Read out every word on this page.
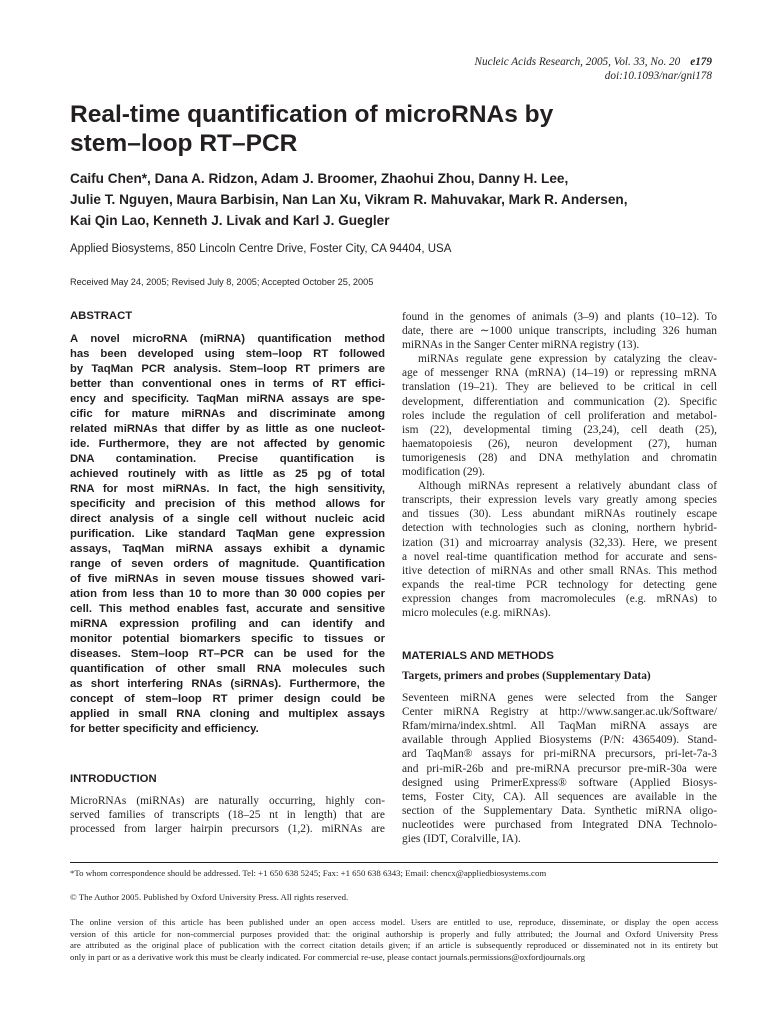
Nucleic Acids Research, 2005, Vol. 33, No. 20 e179
doi:10.1093/nar/gni178
Real-time quantification of microRNAs by
stem–loop RT–PCR
Caifu Chen*, Dana A. Ridzon, Adam J. Broomer, Zhaohui Zhou, Danny H. Lee,
Julie T. Nguyen, Maura Barbisin, Nan Lan Xu, Vikram R. Mahuvakar, Mark R. Andersen,
Kai Qin Lao, Kenneth J. Livak and Karl J. Guegler
Applied Biosystems, 850 Lincoln Centre Drive, Foster City, CA 94404, USA
Received May 24, 2005; Revised July 8, 2005; Accepted October 25, 2005
ABSTRACT
A novel microRNA (miRNA) quantification method
has been developed using stem–loop RT followed
by TaqMan PCR analysis. Stem–loop RT primers are
better than conventional ones in terms of RT effici-
ency and specificity. TaqMan miRNA assays are spe-
cific for mature miRNAs and discriminate among
related miRNAs that differ by as little as one nucleot-
ide. Furthermore, they are not affected by genomic
DNA contamination. Precise quantification is
achieved routinely with as little as 25 pg of total
RNA for most miRNAs. In fact, the high sensitivity,
specificity and precision of this method allows for
direct analysis of a single cell without nucleic acid
purification. Like standard TaqMan gene expression
assays, TaqMan miRNA assays exhibit a dynamic
range of seven orders of magnitude. Quantification
of five miRNAs in seven mouse tissues showed vari-
ation from less than 10 to more than 30 000 copies per
cell. This method enables fast, accurate and sensitive
miRNA expression profiling and can identify and
monitor potential biomarkers specific to tissues or
diseases. Stem–loop RT–PCR can be used for the
quantification of other small RNA molecules such
as short interfering RNAs (siRNAs). Furthermore, the
concept of stem–loop RT primer design could be
applied in small RNA cloning and multiplex assays
for better specificity and efficiency.
INTRODUCTION
MicroRNAs (miRNAs) are naturally occurring, highly con-
served families of transcripts (18–25 nt in length) that are
processed from larger hairpin precursors (1,2). miRNAs are
found in the genomes of animals (3–9) and plants (10–12). To
date, there are ∼1000 unique transcripts, including 326 human
miRNAs in the Sanger Center miRNA registry (13).
miRNAs regulate gene expression by catalyzing the cleav-
age of messenger RNA (mRNA) (14–19) or repressing mRNA
translation (19–21). They are believed to be critical in cell
development, differentiation and communication (2). Specific
roles include the regulation of cell proliferation and metabol-
ism (22), developmental timing (23,24), cell death (25),
haematopoiesis (26), neuron development (27), human
tumorigenesis (28) and DNA methylation and chromatin
modification (29).
Although miRNAs represent a relatively abundant class of
transcripts, their expression levels vary greatly among species
and tissues (30). Less abundant miRNAs routinely escape
detection with technologies such as cloning, northern hybrid-
ization (31) and microarray analysis (32,33). Here, we present
a novel real-time quantification method for accurate and sens-
itive detection of miRNAs and other small RNAs. This method
expands the real-time PCR technology for detecting gene
expression changes from macromolecules (e.g. mRNAs) to
micro molecules (e.g. miRNAs).
MATERIALS AND METHODS
Targets, primers and probes (Supplementary Data)
Seventeen miRNA genes were selected from the Sanger
Center miRNA Registry at http://www.sanger.ac.uk/Software/
Rfam/mirna/index.shtml. All TaqMan miRNA assays are
available through Applied Biosystems (P/N: 4365409). Stand-
ard TaqMan® assays for pri-miRNA precursors, pri-let-7a-3
and pri-miR-26b and pre-miRNA precursor pre-miR-30a were
designed using PrimerExpress® software (Applied Biosys-
tems, Foster City, CA). All sequences are available in the
section of the Supplementary Data. Synthetic miRNA oligo-
nucleotides were purchased from Integrated DNA Technolo-
gies (IDT, Coralville, IA).
*To whom correspondence should be addressed. Tel: +1 650 638 5245; Fax: +1 650 638 6343; Email: chencx@appliedbiosystems.com
© The Author 2005. Published by Oxford University Press. All rights reserved.
The online version of this article has been published under an open access model. Users are entitled to use, reproduce, disseminate, or display the open access
version of this article for non-commercial purposes provided that: the original authorship is properly and fully attributed; the Journal and Oxford University Press
are attributed as the original place of publication with the correct citation details given; if an article is subsequently reproduced or disseminated not in its entirety but
only in part or as a derivative work this must be clearly indicated. For commercial re-use, please contact journals.permissions@oxfordjournals.org
